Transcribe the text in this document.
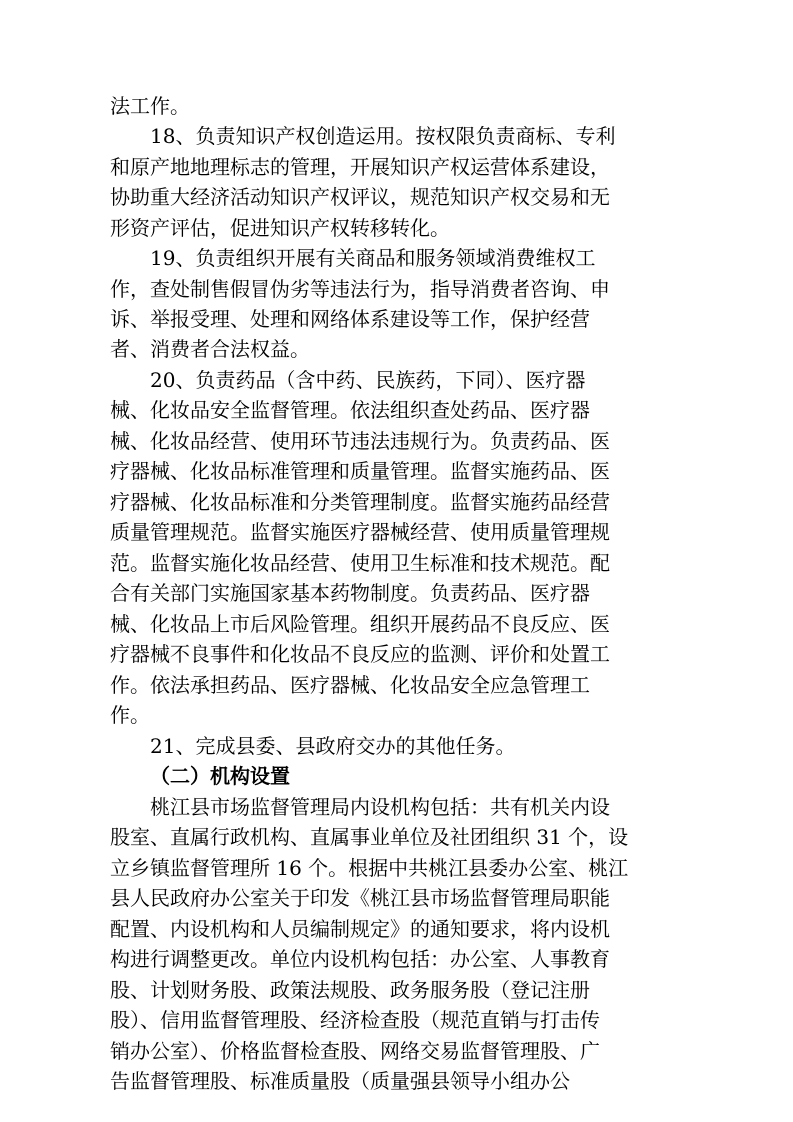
法工作。
18、负责知识产权创造运用。按权限负责商标、专利
和原产地地理标志的管理，开展知识产权运营体系建设，
协助重大经济活动知识产权评议，规范知识产权交易和无
形资产评估，促进知识产权转移转化。
19、负责组织开展有关商品和服务领域消费维权工
作，查处制售假冒伪劣等违法行为，指导消费者咨询、申
诉、举报受理、处理和网络体系建设等工作，保护经营
者、消费者合法权益。
20、负责药品（含中药、民族药，下同）、医疗器
械、化妆品安全监督管理。依法组织查处药品、医疗器
械、化妆品经营、使用环节违法违规行为。负责药品、医
疗器械、化妆品标准管理和质量管理。监督实施药品、医
疗器械、化妆品标准和分类管理制度。监督实施药品经营
质量管理规范。监督实施医疗器械经营、使用质量管理规
范。监督实施化妆品经营、使用卫生标准和技术规范。配
合有关部门实施国家基本药物制度。负责药品、医疗器
械、化妆品上市后风险管理。组织开展药品不良反应、医
疗器械不良事件和化妆品不良反应的监测、评价和处置工
作。依法承担药品、医疗器械、化妆品安全应急管理工
作。
21、完成县委、县政府交办的其他任务。
（二）机构设置
桃江县市场监督管理局内设机构包括：共有机关内设
股室、直属行政机构、直属事业单位及社团组织 31 个，设
立乡镇监督管理所 16 个。根据中共桃江县委办公室、桃江
县人民政府办公室关于印发《桃江县市场监督管理局职能
配置、内设机构和人员编制规定》的通知要求，将内设机
构进行调整更改。单位内设机构包括：办公室、人事教育
股、计划财务股、政策法规股、政务服务股（登记注册
股）、信用监督管理股、经济检查股（规范直销与打击传
销办公室）、价格监督检查股、网络交易监督管理股、广
告监督管理股、标准质量股（质量强县领导小组办公
